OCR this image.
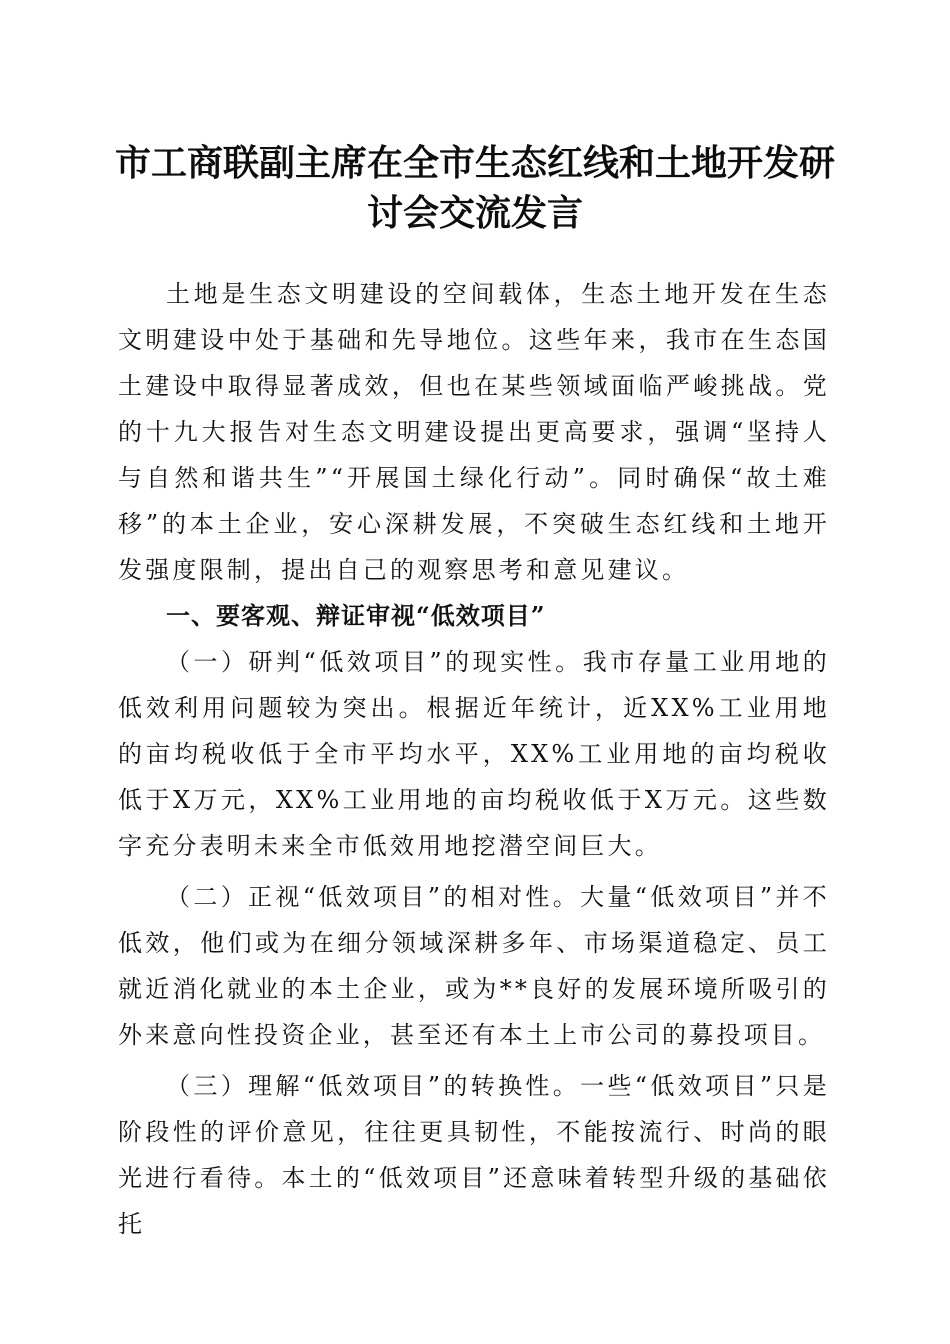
市工商联副主席在全市生态红线和土地开发研讨会交流发言

土地是生态文明建设的空间载体，生态土地开发在生态文明建设中处于基础和先导地位。这些年来，我市在生态国土建设中取得显著成效，但也在某些领域面临严峻挑战。党的十九大报告对生态文明建设提出更高要求，强调“坚持人与自然和谐共生”“开展国土绿化行动”。同时确保“故土难移”的本土企业，安心深耕发展，不突破生态红线和土地开发强度限制，提出自己的观察思考和意见建议。

一、要客观、辩证审视“低效项目”

（一）研判“低效项目”的现实性。我市存量工业用地的低效利用问题较为突出。根据近年统计，近XX%工业用地的亩均税收低于全市平均水平，XX%工业用地的亩均税收低于X万元，XX%工业用地的亩均税收低于X万元。这些数字充分表明未来全市低效用地挖潜空间巨大。

（二）正视“低效项目”的相对性。大量“低效项目”并不低效，他们或为在细分领域深耕多年、市场渠道稳定、员工就近消化就业的本土企业，或为**良好的发展环境所吸引的外来意向性投资企业，甚至还有本土上市公司的募投项目。

（三）理解“低效项目”的转换性。一些“低效项目”只是阶段性的评价意见，往往更具韧性，不能按流行、时尚的眼光进行看待。本土的“低效项目”还意味着转型升级的基础依托
